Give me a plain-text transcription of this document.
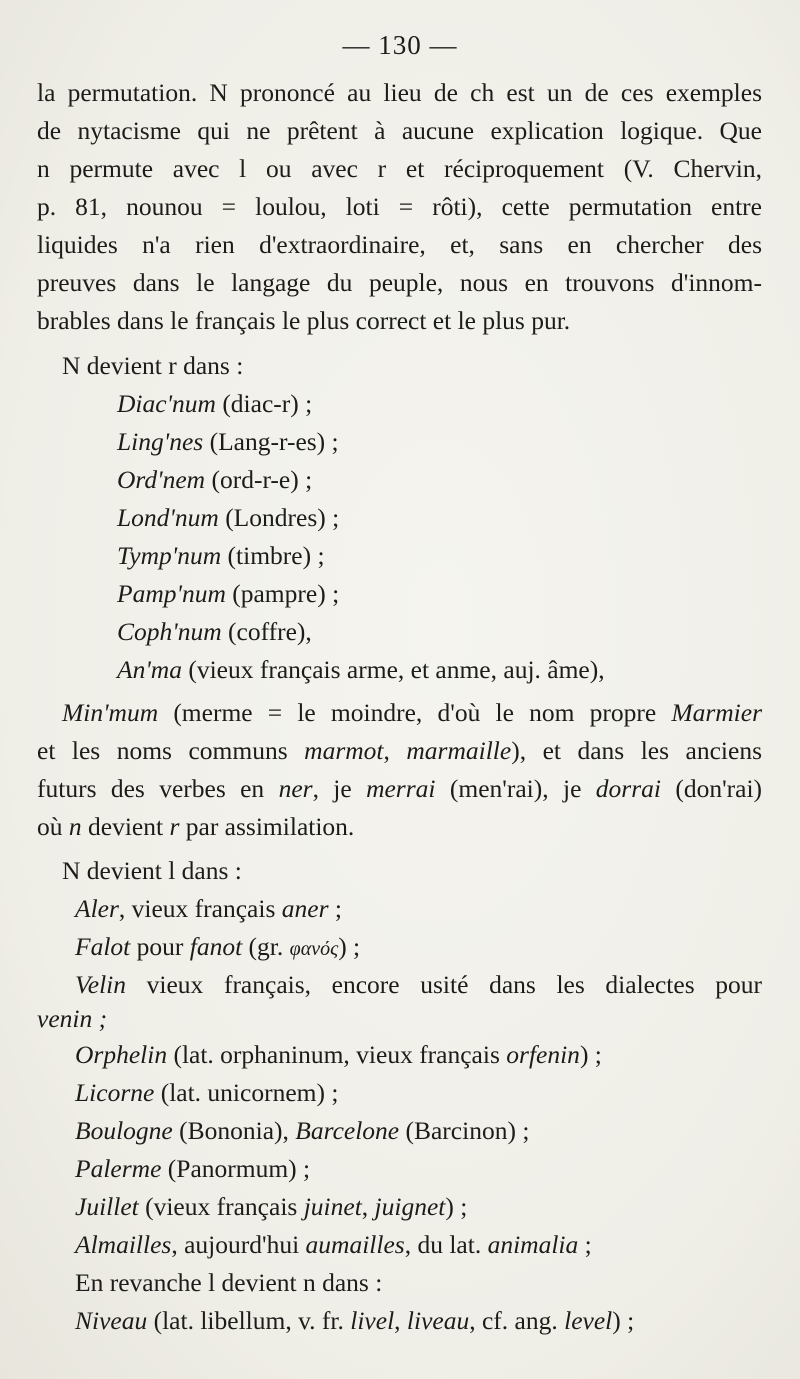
— 130 —
la permutation. N prononcé au lieu de ch est un de ces exemples
de nytacisme qui ne prêtent à aucune explication logique. Que
n permute avec l ou avec r et réciproquement (V. Chervin,
p. 81, nounou = loulou, loti = rôti), cette permutation entre
liquides n'a rien d'extraordinaire, et, sans en chercher des
preuves dans le langage du peuple, nous en trouvons d'innom-
brables dans le français le plus correct et le plus pur.
N devient r dans :
Diac'num (diac-r) ;
Ling'nes (Lang-r-es) ;
Ord'nem (ord-r-e) ;
Lond'num (Londres) ;
Tymp'num (timbre) ;
Pamp'num (pampre) ;
Coph'num (coffre),
An'ma (vieux français arme, et anme, auj. âme),
Min'mum (merme = le moindre, d'où le nom propre Marmier
et les noms communs marmot, marmaille), et dans les anciens
futurs des verbes en ner, je merrai (men'rai), je dorrai (don'rai)
où n devient r par assimilation.
N devient l dans :
Aler, vieux français aner ;
Falot pour fanot (gr. φανός) ;
Velin vieux français, encore usité dans les dialectes pour
venin ;
Orphelin (lat. orphaninum, vieux français orfenin) ;
Licorne (lat. unicornem) ;
Boulogne (Bononia), Barcelone (Barcinon) ;
Palerme (Panormum) ;
Juillet (vieux français juinet, juignet) ;
Almailles, aujourd'hui aumailles, du lat. animalia ;
En revanche l devient n dans :
Niveau (lat. libellum, v. fr. livel, liveau, cf. ang. level) ;
